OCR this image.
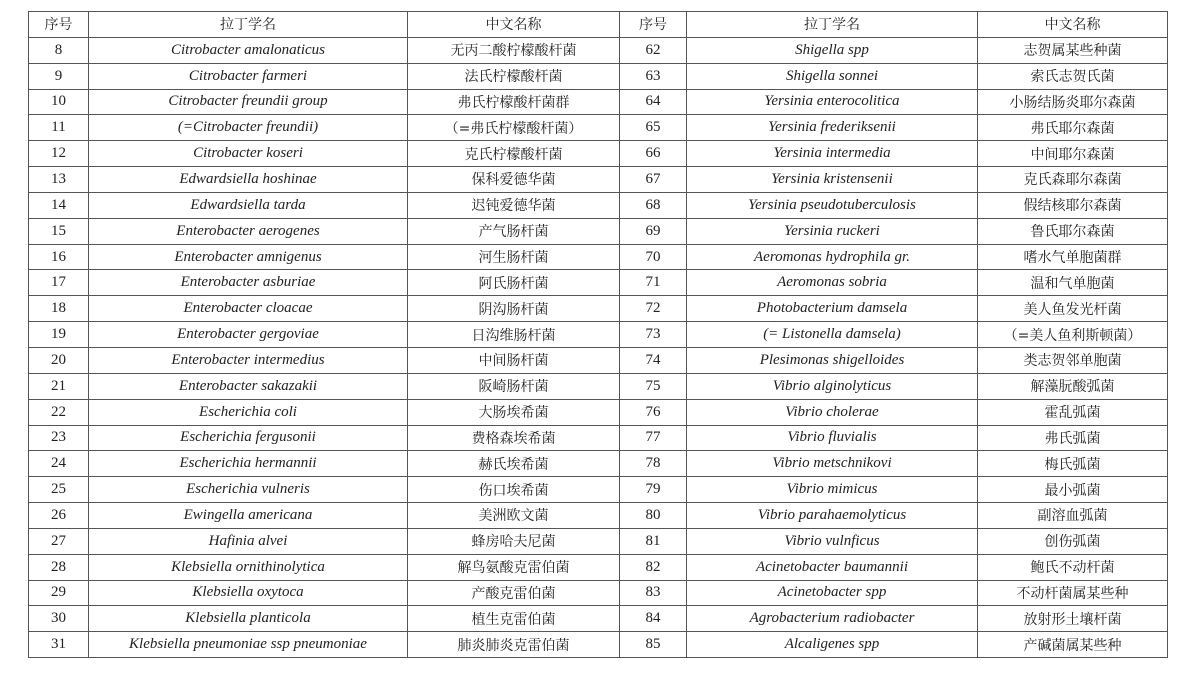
序号	拉丁学名	中文名称	序号	拉丁学名	中文名称
8	Citrobacter amalonaticus	无丙二酸柠檬酸杆菌	62	Shigella spp	志贺属某些种菌
9	Citrobacter farmeri	法氏柠檬酸杆菌	63	Shigella sonnei	索氏志贺氏菌
10	Citrobacter freundii group	弗氏柠檬酸杆菌群	64	Yersinia enterocolitica	小肠结肠炎耶尔森菌
11	(=Citrobacter freundii)	（=弗氏柠檬酸杆菌）	65	Yersinia frederiksenii	弗氏耶尔森菌
12	Citrobacter koseri	克氏柠檬酸杆菌	66	Yersinia intermedia	中间耶尔森菌
13	Edwardsiella hoshinae	保科爱德华菌	67	Yersinia kristensenii	克氏森耶尔森菌
14	Edwardsiella tarda	迟钝爱德华菌	68	Yersinia pseudotuberculosis	假结核耶尔森菌
15	Enterobacter aerogenes	产气肠杆菌	69	Yersinia ruckeri	鲁氏耶尔森菌
16	Enterobacter amnigenus	河生肠杆菌	70	Aeromonas hydrophila gr.	嗜水气单胞菌群
17	Enterobacter asburiae	阿氏肠杆菌	71	Aeromonas sobria	温和气单胞菌
18	Enterobacter cloacae	阴沟肠杆菌	72	Photobacterium damsela	美人鱼发光杆菌
19	Enterobacter gergoviae	日沟维肠杆菌	73	(= Listonella damsela)	（=美人鱼利斯顿菌）
20	Enterobacter intermedius	中间肠杆菌	74	Plesimonas shigelloides	类志贺邻单胞菌
21	Enterobacter sakazakii	阪崎肠杆菌	75	Vibrio alginolyticus	解藻朊酸弧菌
22	Escherichia coli	大肠埃希菌	76	Vibrio cholerae	霍乱弧菌
23	Escherichia fergusonii	费格森埃希菌	77	Vibrio fluvialis	弗氏弧菌
24	Escherichia hermannii	赫氏埃希菌	78	Vibrio metschnikovi	梅氏弧菌
25	Escherichia vulneris	伤口埃希菌	79	Vibrio mimicus	最小弧菌
26	Ewingella americana	美洲欧文菌	80	Vibrio parahaemolyticus	副溶血弧菌
27	Hafinia alvei	蜂房哈夫尼菌	81	Vibrio vulnficus	创伤弧菌
28	Klebsiella ornithinolytica	解鸟氨酸克雷伯菌	82	Acinetobacter baumannii	鲍氏不动杆菌
29	Klebsiella oxytoca	产酸克雷伯菌	83	Acinetobacter spp	不动杆菌属某些种
30	Klebsiella planticola	植生克雷伯菌	84	Agrobacterium radiobacter	放射形土壤杆菌
31	Klebsiella pneumoniae ssp pneumoniae	肺炎肺炎克雷伯菌	85	Alcaligenes spp	产碱菌属某些种
